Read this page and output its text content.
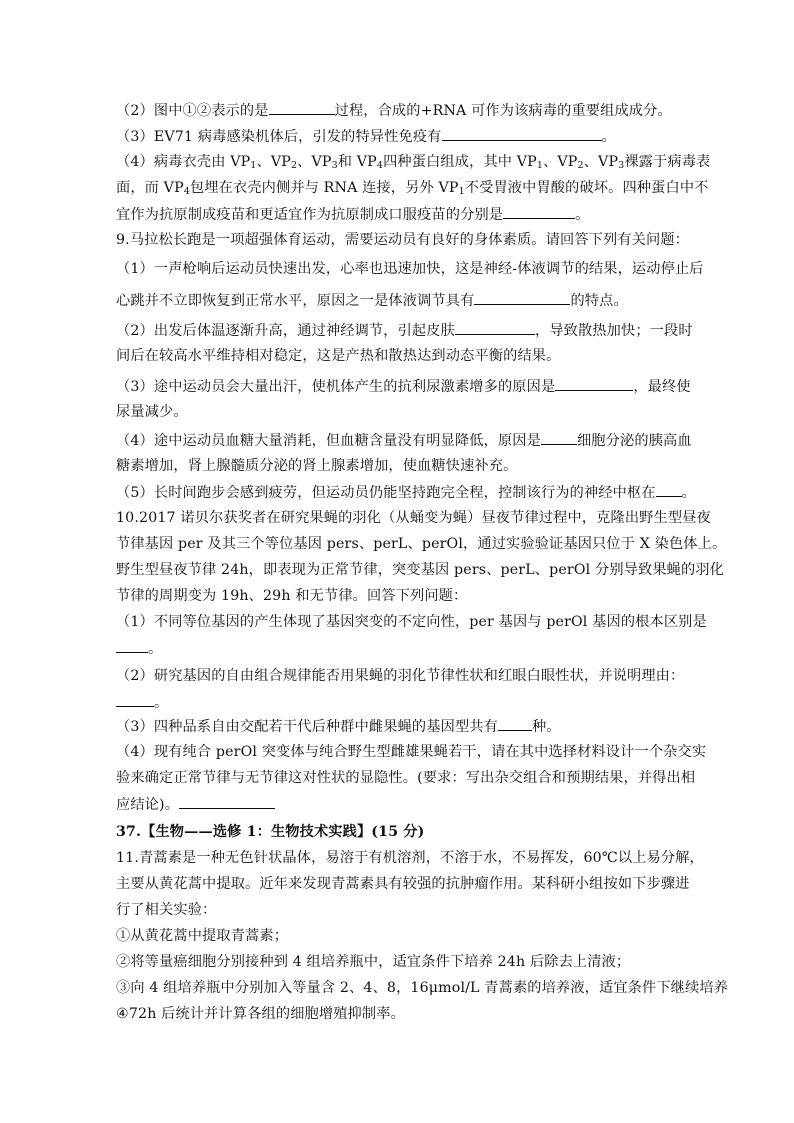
（2）图中①②表示的是	过程，合成的+RNA 可作为该病毒的重要组成成分。
（3）EV71 病毒感染机体后，引发的特异性免疫有	。
（4）病毒衣壳由 $VP_1$、$VP_2$、$VP_3$和 $VP_4$四种蛋白组成，其中 $VP_1$、$VP_2$、$VP_3$裸露于病毒表
面，而 $VP_4$包埋在衣壳内侧并与 RNA 连接，另外 $VP_1$不受胃液中胃酸的破坏。四种蛋白中不
宜作为抗原制成疫苗和更适宜作为抗原制成口服疫苗的分别是	。
9.马拉松长跑是一项超强体育运动，需要运动员有良好的身体素质。请回答下列有关问题：
（1）一声枪响后运动员快速出发，心率也迅速加快，这是神经-体液调节的结果，运动停止后
心跳并不立即恢复到正常水平，原因之一是体液调节具有	的特点。
（2）出发后体温逐渐升高，通过神经调节，引起皮肤	，导致散热加快；一段时
间后在较高水平维持相对稳定，这是产热和散热达到动态平衡的结果。
（3）途中运动员会大量出汗，使机体产生的抗利尿激素增多的原因是	，最终使
尿量减少。
（4）途中运动员血糖大量消耗，但血糖含量没有明显降低，原因是	细胞分泌的胰高血
糖素增加，肾上腺髓质分泌的肾上腺素增加，使血糖快速补充。
（5）长时间跑步会感到疲劳，但运动员仍能坚持跑完全程，控制该行为的神经中枢在 。
10.2017 诺贝尔获奖者在研究果蝇的羽化（从蛹变为蝇）昼夜节律过程中，克隆出野生型昼夜
节律基因 per 及其三个等位基因 pers、perL、perOl，通过实验验证基因只位于 X 染色体上。
野生型昼夜节律 24h，即表现为正常节律，突变基因 pers、perL、perOl 分别导致果蝇的羽化
节律的周期变为 19h、29h 和无节律。回答下列问题：
（1）不同等位基因的产生体现了基因突变的不定向性，per 基因与 perOl 基因的根本区别是
。
（2）研究基因的自由组合规律能否用果蝇的羽化节律性状和红眼白眼性状，并说明理由：
。
（3）四种品系自由交配若干代后种群中雌果蝇的基因型共有 种。
（4）现有纯合 perOl 突变体与纯合野生型雌雄果蝇若干，请在其中选择材料设计一个杂交实
验来确定正常节律与无节律这对性状的显隐性。(要求：写出杂交组合和预期结果，并得出相
应结论)。
37.【生物——选修 1：生物技术实践】(15 分)
11.青蒿素是一种无色针状晶体，易溶于有机溶剂，不溶于水，不易挥发，60℃以上易分解，
主要从黄花蒿中提取。近年来发现青蒿素具有较强的抗肿瘤作用。某科研小组按如下步骤进
行了相关实验：
①从黄花蒿中提取青蒿素；
②将等量癌细胞分别接种到 4 组培养瓶中，适宜条件下培养 24h 后除去上清液；
③向 4 组培养瓶中分别加入等量含 2、4、8，16μmol/L 青蒿素的培养液，适宜条件下继续培养
④72h 后统计并计算各组的细胞增殖抑制率。
